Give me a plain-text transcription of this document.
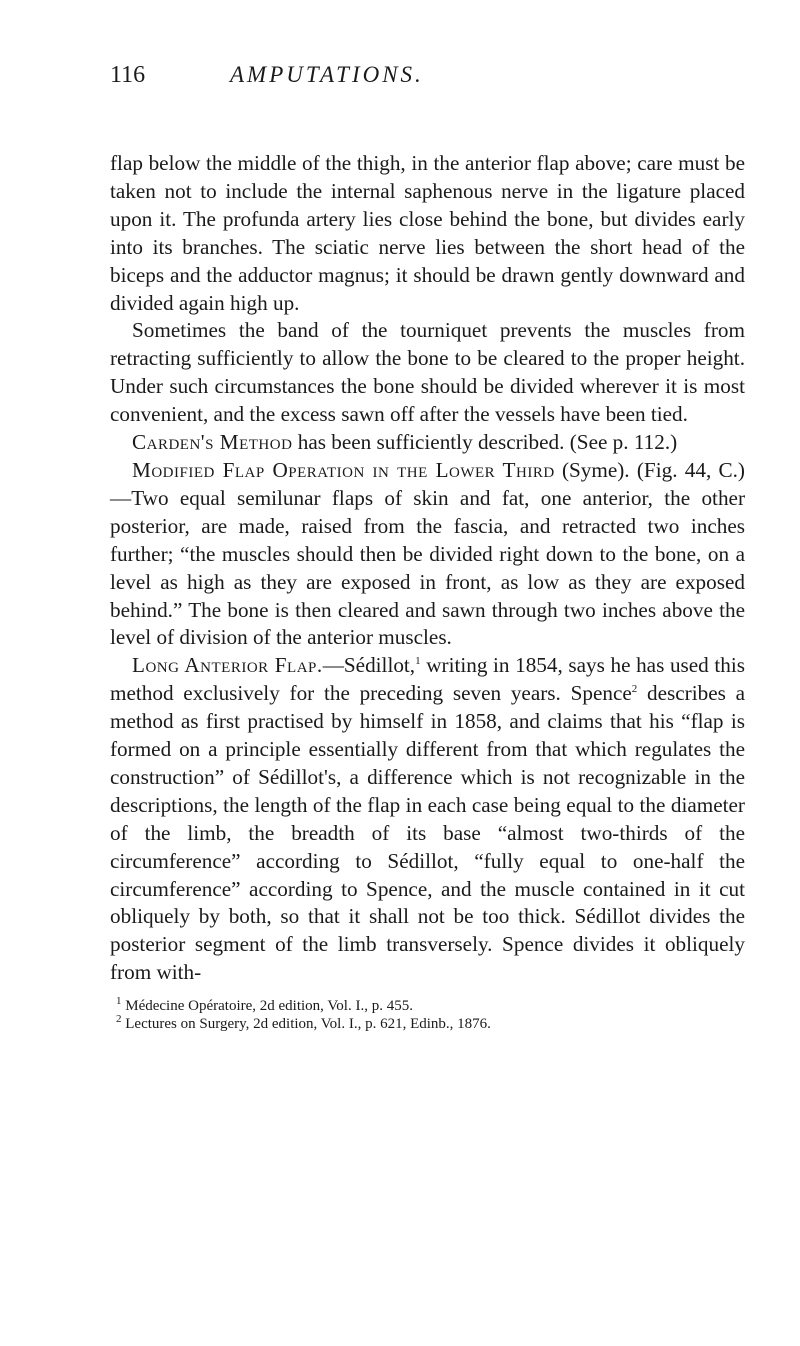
116	AMPUTATIONS.

flap below the middle of the thigh, in the anterior flap above; care must be taken not to include the internal saphenous nerve in the ligature placed upon it. The profunda artery lies close behind the bone, but divides early into its branches. The sciatic nerve lies between the short head of the biceps and the adductor magnus; it should be drawn gently downward and divided again high up.

Sometimes the band of the tourniquet prevents the muscles from retracting sufficiently to allow the bone to be cleared to the proper height. Under such circumstances the bone should be divided wherever it is most convenient, and the excess sawn off after the vessels have been tied.

Carden's Method has been sufficiently described. (See p. 112.)

Modified Flap Operation in the Lower Third (Syme). (Fig. 44, C.)—Two equal semilunar flaps of skin and fat, one anterior, the other posterior, are made, raised from the fascia, and retracted two inches further; “the muscles should then be divided right down to the bone, on a level as high as they are exposed in front, as low as they are exposed behind.” The bone is then cleared and sawn through two inches above the level of division of the anterior muscles.

Long Anterior Flap.—Sédillot,$^1$ writing in 1854, says he has used this method exclusively for the preceding seven years. Spence$^2$ describes a method as first practised by himself in 1858, and claims that his “flap is formed on a principle essentially different from that which regulates the construction” of Sédillot's, a difference which is not recognizable in the descriptions, the length of the flap in each case being equal to the diameter of the limb, the breadth of its base “almost two-thirds of the circumference” according to Sédillot, “fully equal to one-half the circumference” according to Spence, and the muscle contained in it cut obliquely by both, so that it shall not be too thick. Sédillot divides the posterior segment of the limb transversely. Spence divides it obliquely from with-

$^1$ Médecine Opératoire, 2d edition, Vol. I., p. 455.
$^2$ Lectures on Surgery, 2d edition, Vol. I., p. 621, Edinb., 1876.
